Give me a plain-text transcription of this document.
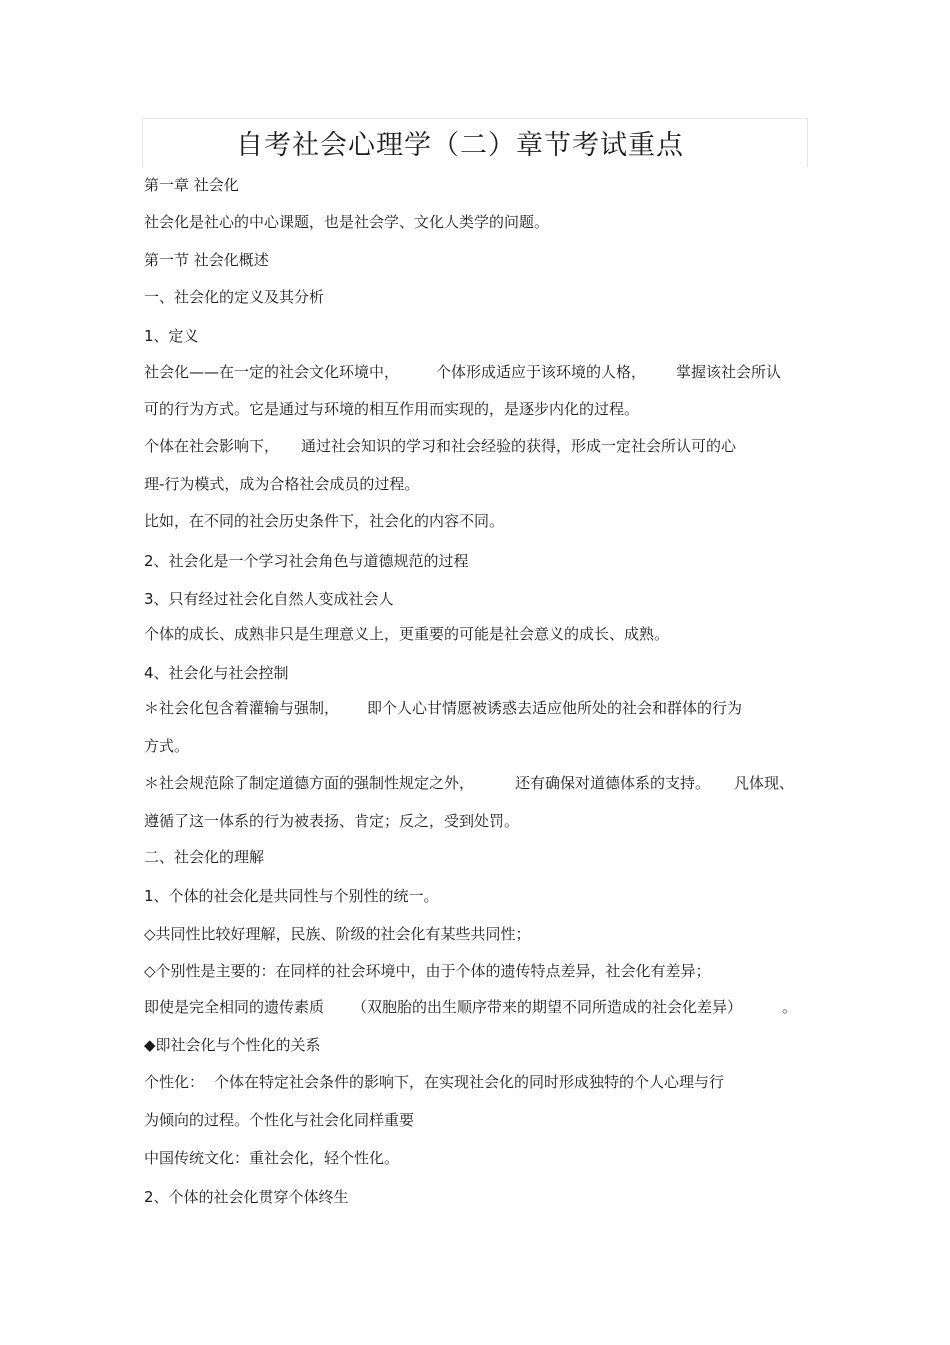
自考社会心理学（二）章节考试重点
第一章 社会化
社会化是社心的中心课题，也是社会学、文化人类学的问题。
第一节 社会化概述
一、社会化的定义及其分析
1、定义
社会化——在一定的社会文化环境中， 个体形成适应于该环境的人格， 掌握该社会所认
可的行为方式。它是通过与环境的相互作用而实现的，是逐步内化的过程。
个体在社会影响下， 通过社会知识的学习和社会经验的获得，形成一定社会所认可的心
理-行为模式，成为合格社会成员的过程。
比如，在不同的社会历史条件下，社会化的内容不同。
2、社会化是一个学习社会角色与道德规范的过程
3、只有经过社会化自然人变成社会人
个体的成长、成熟非只是生理意义上，更重要的可能是社会意义的成长、成熟。
4、社会化与社会控制
＊社会化包含着灌输与强制， 即个人心甘情愿被诱惑去适应他所处的社会和群体的行为
方式。
＊社会规范除了制定道德方面的强制性规定之外，	还有确保对道德体系的支持。 凡体现、
遵循了这一体系的行为被表扬、肯定；反之，受到处罚。
二、社会化的理解
1、个体的社会化是共同性与个别性的统一。
◇共同性比较好理解，民族、阶级的社会化有某些共同性；
◇个别性是主要的：在同样的社会环境中，由于个体的遗传特点差异，社会化有差异；
即使是完全相同的遗传素质 （双胞胎的出生顺序带来的期望不同所造成的社会化差异）	。
◆即社会化与个性化的关系
个性化： 个体在特定社会条件的影响下，在实现社会化的同时形成独特的个人心理与行
为倾向的过程。个性化与社会化同样重要
中国传统文化：重社会化，轻个性化。
2、个体的社会化贯穿个体终生
